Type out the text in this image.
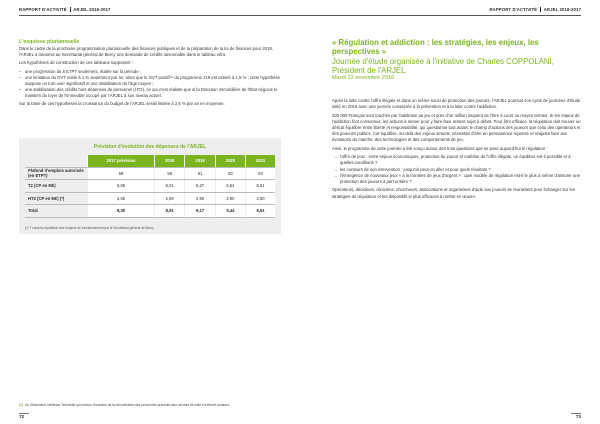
RAPPORT D'ACTIVITÉ ARJEL 2016-2017
L'esquisse pluriannuelle

Dans le cadre de la prochaine programmation pluriannuelle des finances publiques et de la préparation de la loi de finances pour 2018, l'ARJEL a transmis au Secrétariat général de Bercy une demande de crédits raisonnable dans le tableau infra.

Les hypothèses de construction de ces tableaux supposent :

– une progression de 5 ETPT seulement, étalée sur la période ;
– une limitation du GVT solde à 1 % seulement par an, alors que le GVT positif⁽¹⁾ du programme 218 est estimé à 1,5 % ; cette hypothèse suppose un turn over significatif et une stabilisation de l'âge moyen ;
– une stabilisation des crédits hors dépenses de personnel (HT2), ce qui n'est réaliste que si la Direction immobilière de l'État négocie le maintien du loyer de l'immeuble occupé par l'ARJEL à son niveau actuel.

Sur la base de ces hypothèses la croissance du budget de l'ARJEL serait limitée à 2,6 % par an en moyenne.

Prévision d'évolution des dépenses de l'ARJEL
	2017 prévision	2018	2019	2020	2021
Plafond d'emplois autorisés (en ETPT)	58	59	61	63	63
T2 (CP en M€)	5,65	6,01	6,27	6,54	6,61
HT2 (CP en M€) (*)	2,65	2,90	2,90	2,90	2,90
Total	8,30	8,91	9,17	9,44	9,51
(*) Y compris répartition des moyens de fonctionnement par le Secrétariat général de Bercy
(1) Ou Glissement Vieillesse Technicité qui mesure l'évolution de la rémunération des personnels présents deux années de suite en effectif constant.
72
RAPPORT D'ACTIVITÉ ARJEL 2016-2017
« Régulation et addiction : les stratégies, les enjeux, les perspectives »
Journée d'étude organisée à l'initiative de Charles COPPOLANI, Président de l'ARJEL
Mardi 22 novembre 2016

Après la lutte contre l'offre illégale et dans un même souci de protection des joueurs, l'ARJEL poursuit son cycle de journées d'étude initié en 2015 avec une journée consacrée à la prévention et à la lutte contre l'addiction.

200 000 Français sont touchés par l'addiction au jeu et près d'un million risquent de l'être à court ou moyen termes. Si les enjeux de l'addiction font consensus, les actions à mener pour y faire face restent sujet à débat. Pour être efficace, la régulation doit trouver un délicat équilibre entre liberté et responsabilité, qui questionne tout autant le champ d'actions des joueurs que celui des opérateurs et des pouvoirs publics. Cet équilibre, au-delà des enjeux actuels, nécessite d'être en permanence repensé et réajusté face aux évolutions du marché, des technologies et des comportements de jeu.

Ainsi, le programme de cette journée a été conçu autour des trois questions que se pose aujourd'hui le régulateur :

→ l'offre de jeux : entre enjeux économiques, protection du joueur et maîtrise de l'offre illégale, un équilibre est-il possible et à quelles conditions ?
→ les contours de son intervention : jusqu'où peut-on aller et pour quels résultats ?
→ l'émergence de nouveaux jeux « à la frontière de jeux d'argent » : quel modèle de régulation est-il le plus à même d'assurer une protection des joueurs à part entière ?

Opérateurs, décideurs, cliniciens, chercheurs, associations et organismes d'aide aux joueurs se réunissent pour échanger sur les stratégies de régulation et les dispositifs le plus efficaces à mettre en œuvre.

73
